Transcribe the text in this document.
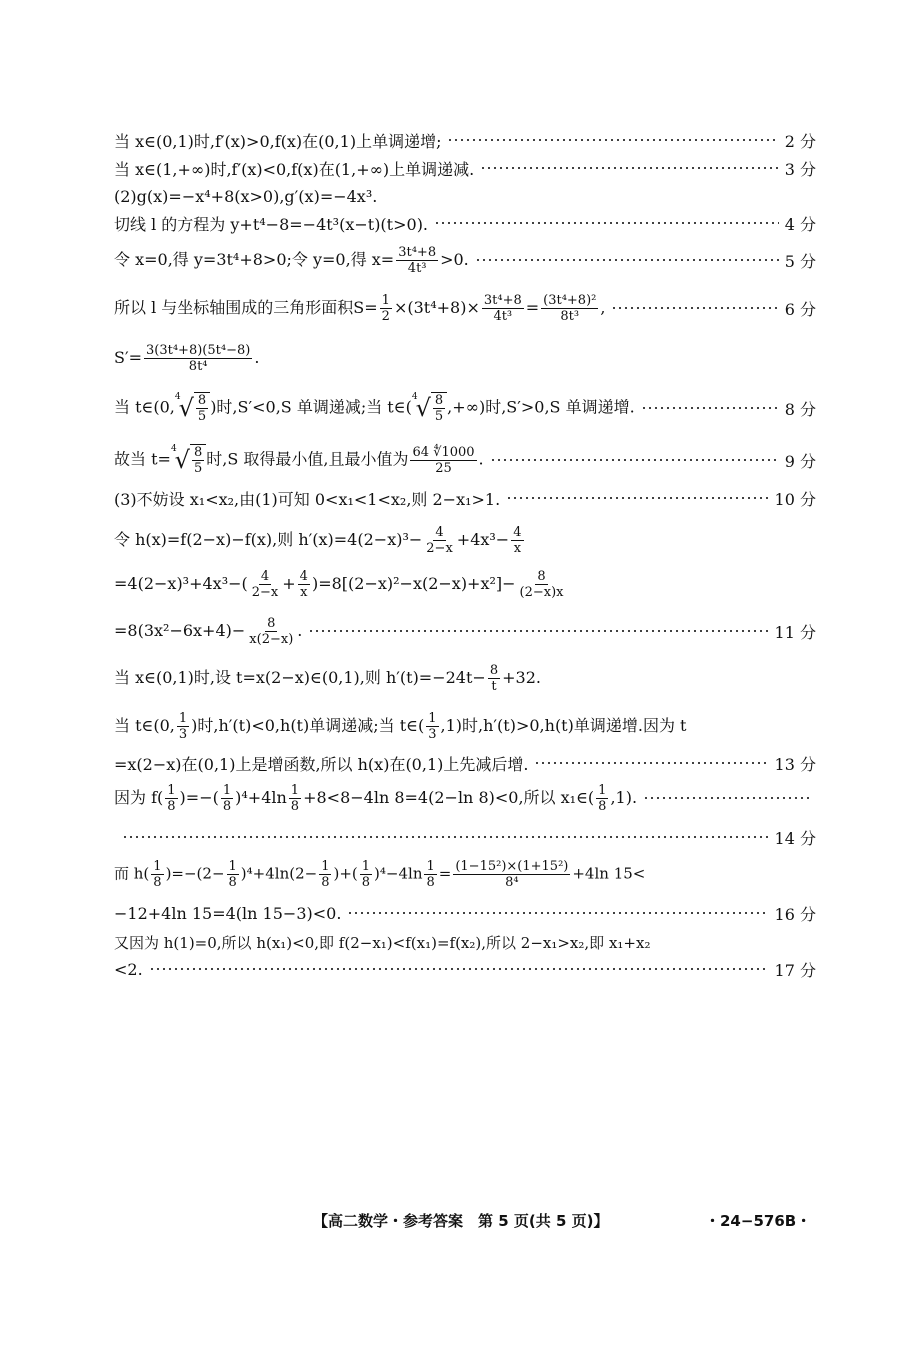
当 x∈(0,1)时,f′(x)>0,f(x)在(0,1)上单调递增;	2 分
当 x∈(1,+∞)时,f′(x)<0,f(x)在(1,+∞)上单调递减.	3 分
(2)g(x)=−x⁴+8(x>0),g′(x)=−4x³.
切线 l 的方程为 y+t⁴−8=−4t³(x−t)(t>0).	4 分
令 x=0,得 y=3t⁴+8>0;令 y=0,得 $x= \frac{\text{3t⁴+8}}{\text{4t³}} >0$.	5 分
所以 l 与坐标轴围成的三角形面积$S= \frac{1}{2} \times(3t^4+8)\times \frac{\text{3t⁴+8}}{\text{4t³}} = \frac{\text{(3t⁴+8)²}}{\text{8t³}}$ ,	6 分
$S'= \frac{\text{3(3t⁴+8)(5t⁴−8)}}{\text{8t⁴}}$ .
当 t∈(0,
4
√ $\frac{8}{5}$ )时,S′<0,S 单调递减;当 t∈(
4
√ $\frac{8}{5}$ ,+∞)时,S′>0,S 单调递增.	8 分
故当 t=
4
√ $\frac{8}{5}$ 时,S 取得最小值,且最小值为 $\frac{64 ∜1000}{25}$ .	9 分
(3)不妨设 x₁<x₂,由(1)可知 0<x₁<1<x₂,则 2−x₁>1.	10 分
令 h(x)=f(2−x)−f(x),则 $h'(x)=4(2-x)^3- \frac{4}{2-x} +4x^3- \frac{4}{x}$
$=4(2-x)^3+4x^3-( \frac{4}{2-x} + \frac{4}{x} )=8[(2-x)^2-x(2-x)+x^2]- \frac{8}{(2-x)x}$
$=8(3x^2-6x+4)- \frac{8}{x(2-x)}$ .	11 分
当 x∈(0,1)时,设 t=x(2−x)∈(0,1),则 $h'(t)=-24t- \frac{8}{t} +32$.
当 t∈(0, $\frac{1}{3}$ )时,h′(t)<0,h(t)单调递减;当 t∈( $\frac{1}{3} ,1$)时,h′(t)>0,h(t)单调递增.因为 t
=x(2−x)在(0,1)上是增函数,所以 h(x)在(0,1)上先减后增.	13 分
因为 $f( \frac{1}{8}$ )=−( $\frac{1}{8} )^4+4\ln \frac{1}{8} +8<8-4\ln$ 8=4(2−ln 8)<0,所以 x₁∈( $\frac{1}{8} ,1$).
14 分
而 $h( \frac{1}{8} )=-(2- \frac{1}{8} )^4+4\ln(2- \frac{1}{8}$ )+( $\frac{1}{8} )^4-4\ln \frac{1}{8} = \frac{\text{(1−15²)×(1+15²)}}{\text{8⁴}} +4\ln$ 15<
−12+4ln 15=4(ln 15−3)<0.	16 分
又因为 h(1)=0,所以 h(x₁)<0,即 f(2−x₁)<f(x₁)=f(x₂),所以 2−x₁>x₂,即 x₁+x₂
<2.	17 分
【高二数学・参考答案　第 5 页(共 5 页)】	・24−576B・
